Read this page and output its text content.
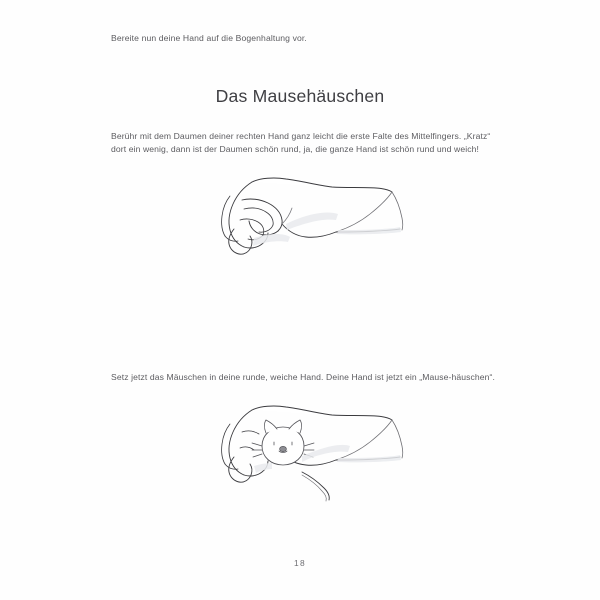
Bereite nun deine Hand auf die Bogenhaltung vor.
Das Mausehäuschen
Berühr mit dem Daumen deiner rechten Hand ganz leicht die erste Falte des Mittelfingers. „Kratz“ dort ein wenig, dann ist der Daumen schön rund, ja, die ganze Hand ist schön rund und weich!
Setz jetzt das Mäuschen in deine runde, weiche Hand. Deine Hand ist jetzt ein „Mause-häuschen“.
18
